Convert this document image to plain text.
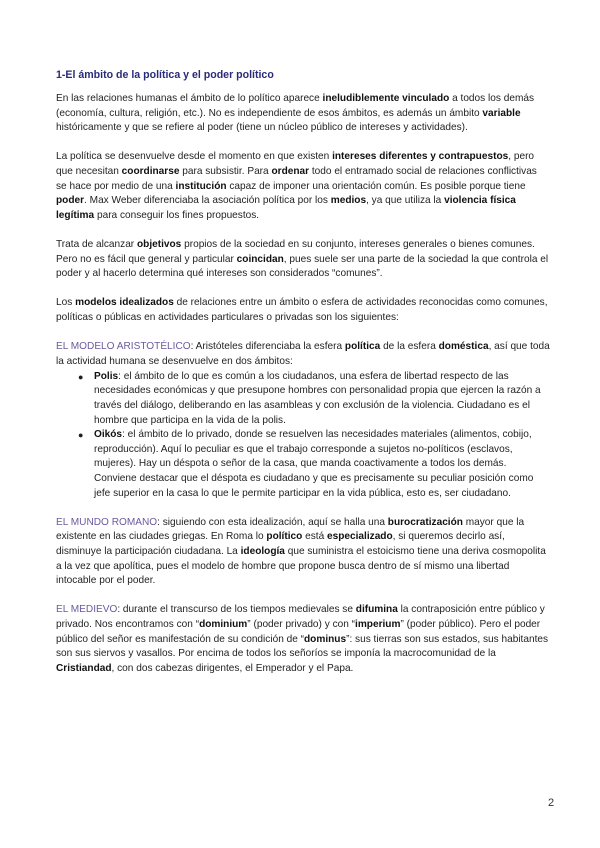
1-El ámbito de la política y el poder político

En las relaciones humanas el ámbito de lo político aparece ineludiblemente vinculado a todos los demás (economía, cultura, religión, etc.). No es independiente de esos ámbitos, es además un ámbito variable históricamente y que se refiere al poder (tiene un núcleo público de intereses y actividades).

La política se desenvuelve desde el momento en que existen intereses diferentes y contrapuestos, pero que necesitan coordinarse para subsistir. Para ordenar todo el entramado social de relaciones conflictivas se hace por medio de una institución capaz de imponer una orientación común. Es posible porque tiene poder. Max Weber diferenciaba la asociación política por los medios, ya que utiliza la violencia física legítima para conseguir los fines propuestos.

Trata de alcanzar objetivos propios de la sociedad en su conjunto, intereses generales o bienes comunes. Pero no es fácil que general y particular coincidan, pues suele ser una parte de la sociedad la que controla el poder y al hacerlo determina qué intereses son considerados “comunes”.

Los modelos idealizados de relaciones entre un ámbito o esfera de actividades reconocidas como comunes, políticas o públicas en actividades particulares o privadas son los siguientes:

EL MODELO ARISTOTÉLICO: Aristóteles diferenciaba la esfera política de la esfera doméstica, así que toda la actividad humana se desenvuelve en dos ámbitos:

● Polis: el ámbito de lo que es común a los ciudadanos, una esfera de libertad respecto de las necesidades económicas y que presupone hombres con personalidad propia que ejercen la razón a través del diálogo, deliberando en las asambleas y con exclusión de la violencia. Ciudadano es el hombre que participa en la vida de la polis.
● Oikós: el ámbito de lo privado, donde se resuelven las necesidades materiales (alimentos, cobijo, reproducción). Aquí lo peculiar es que el trabajo corresponde a sujetos no-políticos (esclavos, mujeres). Hay un déspota o señor de la casa, que manda coactivamente a todos los demás. Conviene destacar que el déspota es ciudadano y que es precisamente su peculiar posición como jefe superior en la casa lo que le permite participar en la vida pública, esto es, ser ciudadano.

EL MUNDO ROMANO: siguiendo con esta idealización, aquí se halla una burocratización mayor que la existente en las ciudades griegas. En Roma lo político está especializado, si queremos decirlo así, disminuye la participación ciudadana. La ideología que suministra el estoicismo tiene una deriva cosmopolita a la vez que apolítica, pues el modelo de hombre que propone busca dentro de sí mismo una libertad intocable por el poder.

EL MEDIEVO: durante el transcurso de los tiempos medievales se difumina la contraposición entre público y privado. Nos encontramos con “dominium” (poder privado) y con “imperium” (poder público). Pero el poder público del señor es manifestación de su condición de “dominus”: sus tierras son sus estados, sus habitantes son sus siervos y vasallos. Por encima de todos los señoríos se imponía la macrocomunidad de la Cristiandad, con dos cabezas dirigentes, el Emperador y el Papa.

2
